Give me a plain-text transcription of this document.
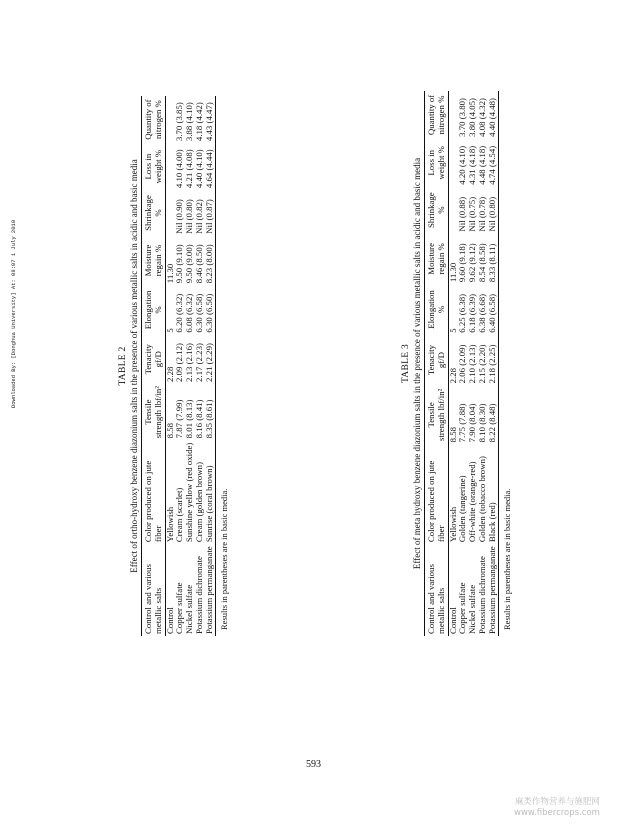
Downloaded By: [Donghua University] At: 08:07 1 July 2010	TABLE 2 Effect of ortho-hydroxy benzene diazonium salts in the presence of various metallic salts in acidic and basic media
Control and various metallic salts	Color produced on jute fiber	Tensile strength lbf/in²	Tenacity gf/D	Elongation %	Moisture regain %	Shrinkage %	Loss in weight %	Quantity of nitrogen %
Control	Yellowish	8.58	2.28	5	11.30			
Copper sulfate	Cream (scarlet)	7.87 (7.99)	2.09 (2.12)	6.20 (6.32)	9.50 (9.10)	Nil (0.90)	4.10 (4.00)	3.70 (3.85)
Nickel sulfate	Sunshine yellow (red oxide)	8.01 (8.13)	2.13 (2.16)	6.08 (6.32)	9.50 (9.00)	Nil (0.80)	4.21 (4.08)	3.88 (4.10)
Potassium dichromate	Cream (golden brown)	8.16 (8.41)	2.17 (2.23)	6.30 (6.58)	8.46 (8.50)	Nil (0.82)	4.40 (4.10)	4.18 (4.42)
Potassium permanganate	Sunrise (coral brown)	8.35 (8.61)	2.21 (2.29)	6.30 (6.50)	8.23 (8.00)	Nil (0.87)	4.64 (4.44)	4.43 (4.47)
Results in parentheses are in basic media.
TABLE 3 Effect of meta hydroxy benzene diazonium salts in the presence of various metallic salts in acidic and basic media
Control and various metallic salts	Color produced on jute fiber	Tensile strength lbf/in²	Tenacity gf/D	Elongation %	Moisture regain %	Shrinkage %	Loss in weight %	Quantity of nitrogen %
Control	Yellowish	8.58	2.28	5	11.30			
Copper sulfate	Golden (tangerine)	7.75 (7.88)	2.06 (2.09)	6.25 (6.38)	9.60 (9.18)	Nil (0.88)	4.20 (4.10)	3.70 (3.80)
Nickel sulfate	Off-white (orange-red)	7.90 (8.04)	2.10 (2.13)	6.18 (6.39)	9.62 (9.12)	Nil (0.75)	4.31 (4.18)	3.80 (4.05)
Potassium dichromate	Golden (tobacco brown)	8.10 (8.30)	2.15 (2.20)	6.38 (6.68)	8.54 (8.58)	Nil (0.78)	4.48 (4.18)	4.08 (4.32)
Potassium permanganate	Black (red)	8.22 (8.48)	2.18 (2.25)	6.40 (6.58)	8.33 (8.11)	Nil (0.80)	4.74 (4.54)	4.40 (4.48)
Results in parentheses are in basic media.
593
麻类作物营养与施肥网
www.fibercrops.com
